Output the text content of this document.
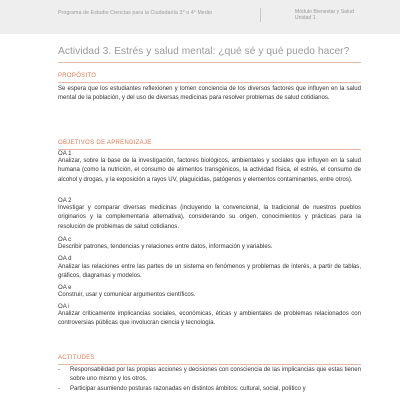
Programa de Estudio Ciencias para la Ciudadanía 3° o 4° Medio	Módulo Bienestar y Salud
Unidad 1
Actividad 3. Estrés y salud mental: ¿qué sé y qué puedo hacer?
PROPÓSITO
Se espera que los estudiantes reflexionen y tomen conciencia de los diversos factores que influyen en la salud mental de la población, y del uso de diversas medicinas para resolver problemas de salud cotidianos.
OBJETIVOS DE APRENDIZAJE
OA 1
Analizar, sobre la base de la investigación, factores biológicos, ambientales y sociales que influyen en la salud humana (como la nutrición, el consumo de alimentos transgénicos, la actividad física, el estrés, el consumo de alcohol y drogas, y la exposición a rayos UV, plaguicidas, patógenos y elementos contaminantes, entre otros).
OA 2
Investigar y comparar diversas medicinas (incluyendo la convencional, la tradicional de nuestros pueblos originarios y la complementaria alternativa), considerando su origen, conocimientos y prácticas para la resolución de problemas de salud cotidianos.
OA c
Describir patrones, tendencias y relaciones entre datos, información y variables.
OA d
Analizar las relaciones entre las partes de un sistema en fenómenos y problemas de interés, a partir de tablas, gráficos, diagramas y modelos.
OA e
Construir, usar y comunicar argumentos científicos.
OA i
Analizar críticamente implicancias sociales, económicas, éticas y ambientales de problemas relacionados con controversias públicas que involucran ciencia y tecnología.
ACTITUDES
- Responsabilidad por las propias acciones y decisiones con consciencia de las implicancias que estas tienen sobre uno mismo y los otros.
- Participar asumiendo posturas razonadas en distintos ámbitos: cultural, social, político y
